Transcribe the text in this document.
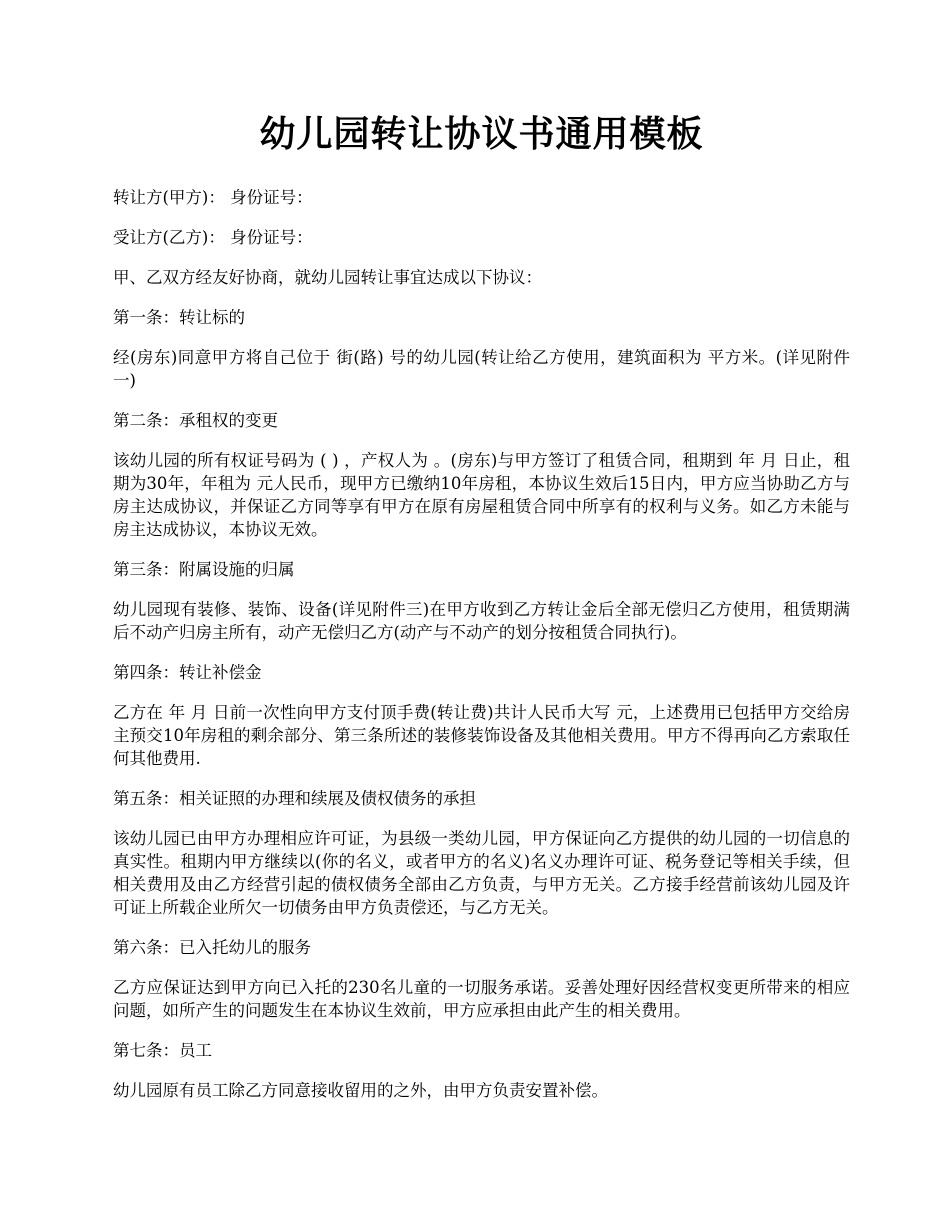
幼儿园转让协议书通用模板

转让方(甲方)： 身份证号：

受让方(乙方)： 身份证号：

甲、乙双方经友好协商，就幼儿园转让事宜达成以下协议：

第一条：转让标的

经(房东)同意甲方将自己位于 街(路) 号的幼儿园(转让给乙方使用，建筑面积为 平方米。(详见附件一)

第二条：承租权的变更

该幼儿园的所有权证号码为 ( ) ，产权人为 。(房东)与甲方签订了租赁合同，租期到 年 月 日止，租期为30年，年租为 元人民币，现甲方已缴纳10年房租，本协议生效后15日内，甲方应当协助乙方与房主达成协议，并保证乙方同等享有甲方在原有房屋租赁合同中所享有的权利与义务。如乙方未能与房主达成协议，本协议无效。

第三条：附属设施的归属

幼儿园现有装修、装饰、设备(详见附件三)在甲方收到乙方转让金后全部无偿归乙方使用，租赁期满后不动产归房主所有，动产无偿归乙方(动产与不动产的划分按租赁合同执行)。

第四条：转让补偿金

乙方在 年 月 日前一次性向甲方支付顶手费(转让费)共计人民币大写 元，上述费用已包括甲方交给房主预交10年房租的剩余部分、第三条所述的装修装饰设备及其他相关费用。甲方不得再向乙方索取任何其他费用.

第五条：相关证照的办理和续展及债权债务的承担

该幼儿园已由甲方办理相应许可证，为县级一类幼儿园，甲方保证向乙方提供的幼儿园的一切信息的真实性。租期内甲方继续以(你的名义，或者甲方的名义)名义办理许可证、税务登记等相关手续，但相关费用及由乙方经营引起的债权债务全部由乙方负责，与甲方无关。乙方接手经营前该幼儿园及许可证上所载企业所欠一切债务由甲方负责偿还，与乙方无关。

第六条：已入托幼儿的服务

乙方应保证达到甲方向已入托的230名儿童的一切服务承诺。妥善处理好因经营权变更所带来的相应问题，如所产生的问题发生在本协议生效前，甲方应承担由此产生的相关费用。

第七条：员工

幼儿园原有员工除乙方同意接收留用的之外，由甲方负责安置补偿。
